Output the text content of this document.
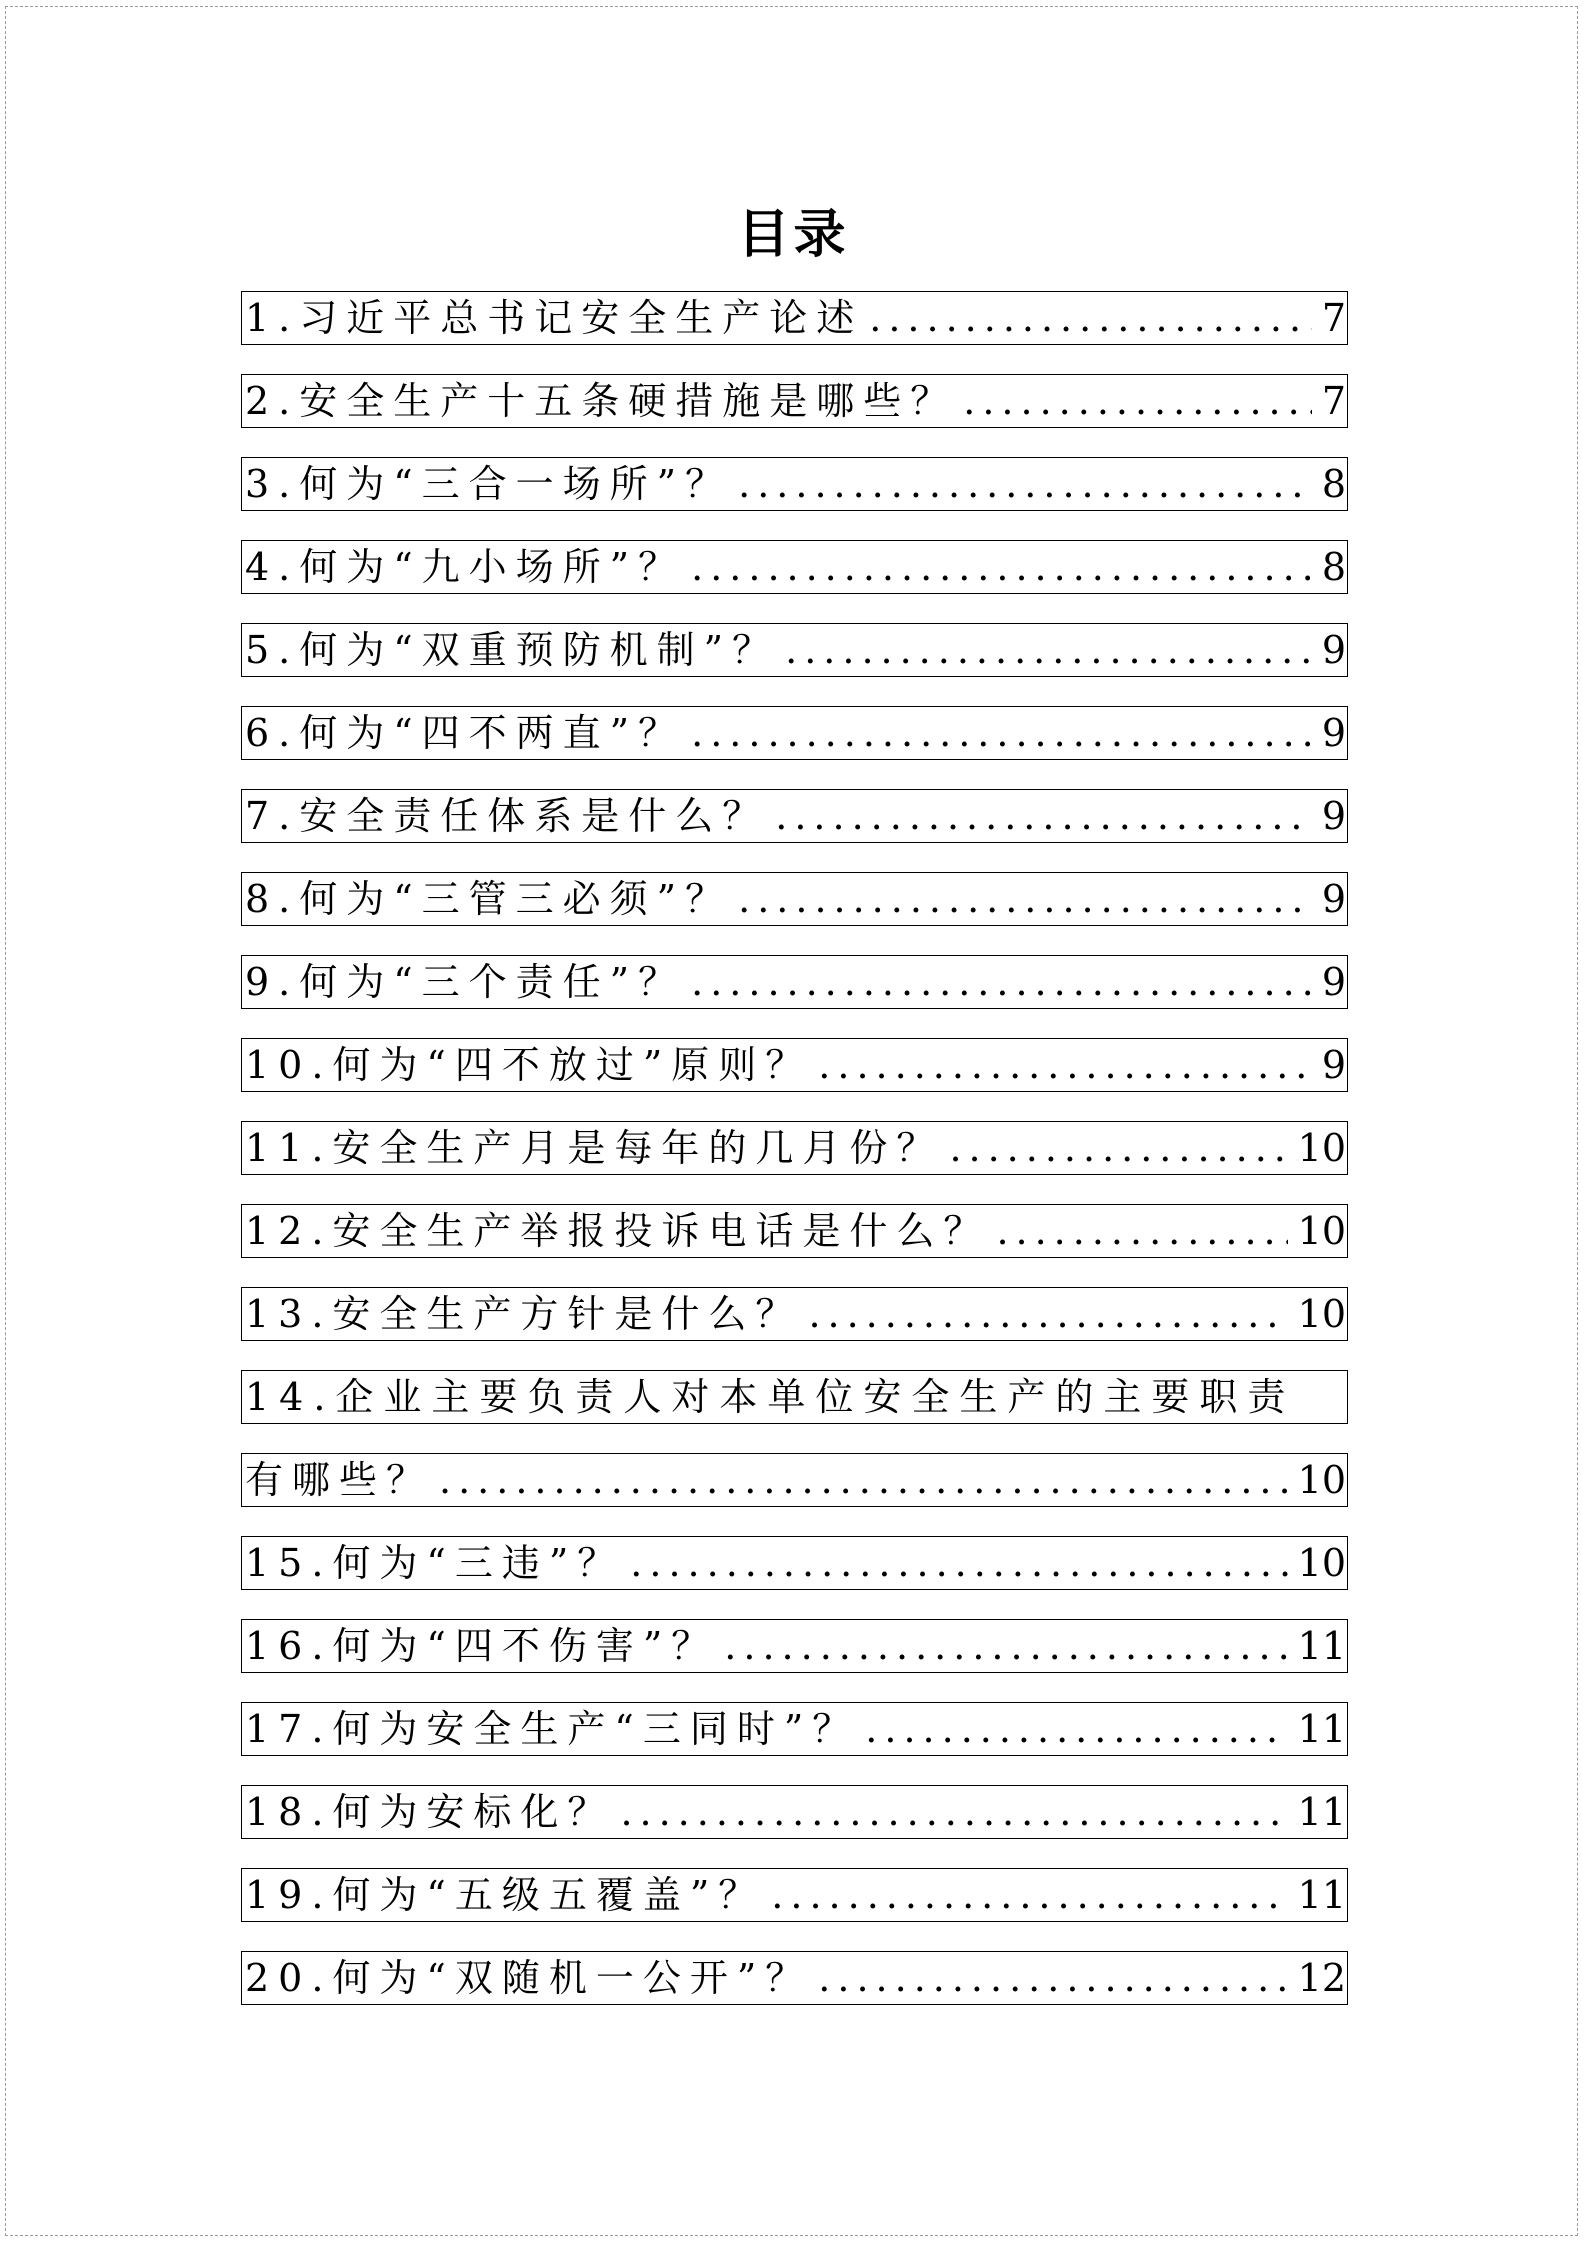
目录
1.习近平总书记安全生产论述 .....	7
2.安全生产十五条硬措施是哪些？ .....	7
3.何为“三合一场所”？ .....	8
4.何为“九小场所”？ .....	8
5.何为“双重预防机制”？ .....	9
6.何为“四不两直”？ .....	9
7.安全责任体系是什么？ .....	9
8.何为“三管三必须”？ .....	9
9.何为“三个责任”？ .....	9
10.何为“四不放过”原则？ .....	9
11.安全生产月是每年的几月份？ .....	10
12.安全生产举报投诉电话是什么？ .....	10
13.安全生产方针是什么？ .....	10
14.企业主要负责人对本单位安全生产的主要职责
有哪些？ .....	10
15.何为“三违”？ .....	10
16.何为“四不伤害”？ .....	11
17.何为安全生产“三同时”？ .....	11
18.何为安标化？ .....	11
19.何为“五级五覆盖”？ .....	11
20.何为“双随机一公开”？ .....	12
